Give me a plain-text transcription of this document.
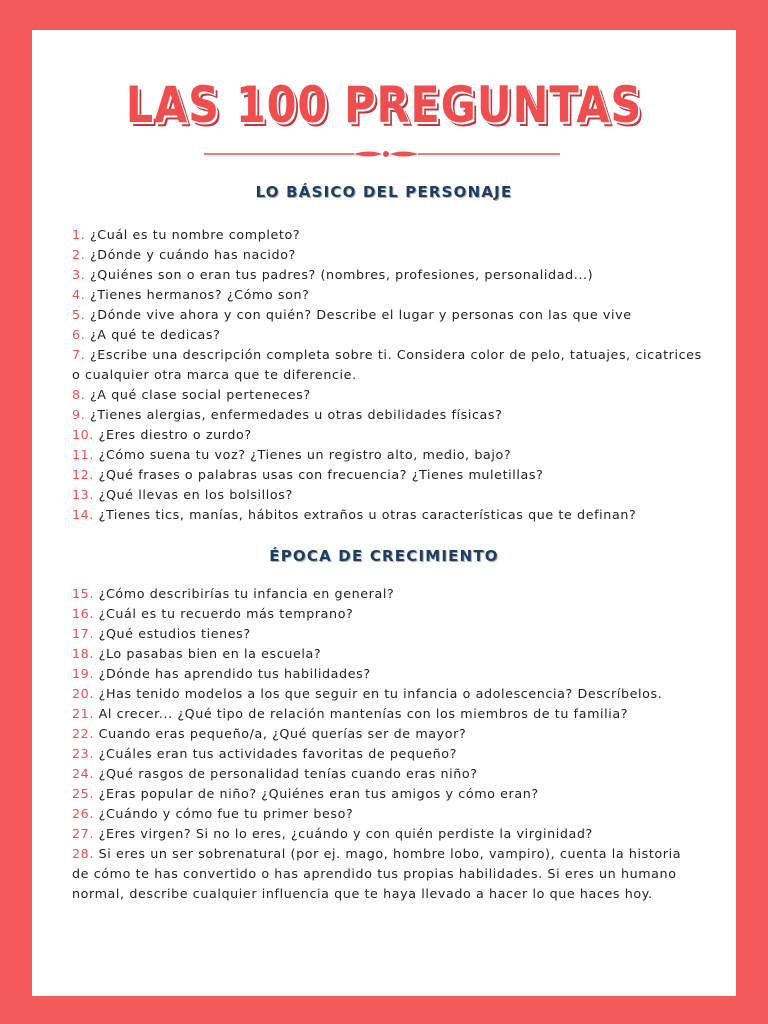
LAS 100 PREGUNTAS
LO BÁSICO DEL PERSONAJE
1. ¿Cuál es tu nombre completo?
2. ¿Dónde y cuándo has nacido?
3. ¿Quiénes son o eran tus padres? (nombres, profesiones, personalidad...)
4. ¿Tienes hermanos? ¿Cómo son?
5. ¿Dónde vive ahora y con quién? Describe el lugar y personas con las que vive
6. ¿A qué te dedicas?
7. ¿Escribe una descripción completa sobre ti. Considera color de pelo, tatuajes, cicatrices o cualquier otra marca que te diferencie.
8. ¿A qué clase social perteneces?
9. ¿Tienes alergias, enfermedades u otras debilidades físicas?
10. ¿Eres diestro o zurdo?
11. ¿Cómo suena tu voz? ¿Tienes un registro alto, medio, bajo?
12. ¿Qué frases o palabras usas con frecuencia? ¿Tienes muletillas?
13. ¿Qué llevas en los bolsillos?
14. ¿Tienes tics, manías, hábitos extraños u otras características que te definan?
ÉPOCA DE CRECIMIENTO
15. ¿Cómo describirías tu infancia en general?
16. ¿Cuál es tu recuerdo más temprano?
17. ¿Qué estudios tienes?
18. ¿Lo pasabas bien en la escuela?
19. ¿Dónde has aprendido tus habilidades?
20. ¿Has tenido modelos a los que seguir en tu infancia o adolescencia? Descríbelos.
21. Al crecer... ¿Qué tipo de relación mantenías con los miembros de tu familia?
22. Cuando eras pequeño/a, ¿Qué querías ser de mayor?
23. ¿Cuáles eran tus actividades favoritas de pequeño?
24. ¿Qué rasgos de personalidad tenías cuando eras niño?
25. ¿Eras popular de niño? ¿Quiénes eran tus amigos y cómo eran?
26. ¿Cuándo y cómo fue tu primer beso?
27. ¿Eres virgen? Si no lo eres, ¿cuándo y con quién perdiste la virginidad?
28. Si eres un ser sobrenatural (por ej. mago, hombre lobo, vampiro), cuenta la historia de cómo te has convertido o has aprendido tus propias habilidades. Si eres un humano normal, describe cualquier influencia que te haya llevado a hacer lo que haces hoy.
